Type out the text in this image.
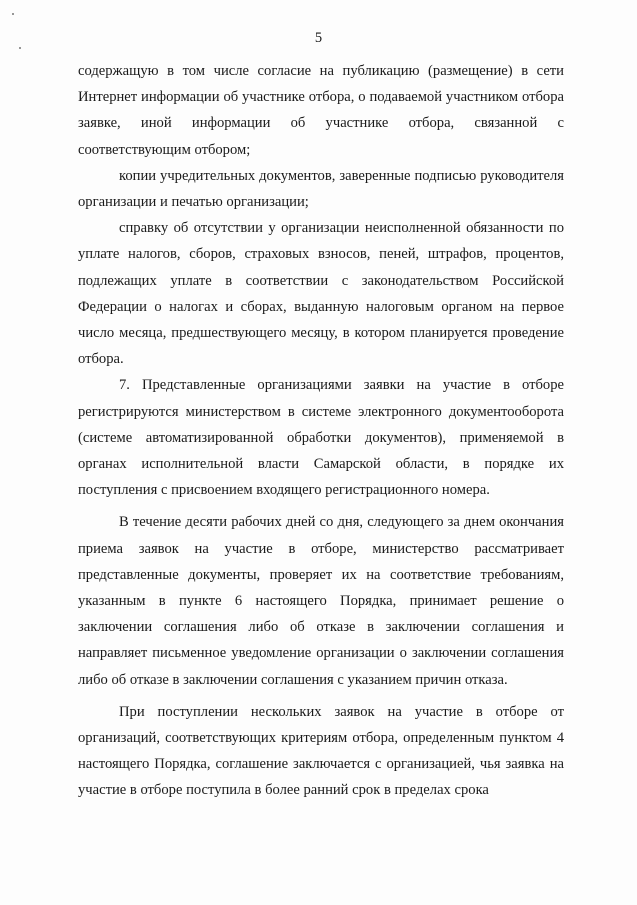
5

содержащую в том числе согласие на публикацию (размещение) в сети Интернет информации об участнике отбора, о подаваемой участником отбора заявке, иной информации об участнике отбора, связанной с соответствующим отбором;

копии учредительных документов, заверенные подписью руководителя организации и печатью организации;

справку об отсутствии у организации неисполненной обязанности по уплате налогов, сборов, страховых взносов, пеней, штрафов, процентов, подлежащих уплате в соответствии с законодательством Российской Федерации о налогах и сборах, выданную налоговым органом на первое число месяца, предшествующего месяцу, в котором планируется проведение отбора.

7. Представленные организациями заявки на участие в отборе регистрируются министерством в системе электронного документооборота (системе автоматизированной обработки документов), применяемой в органах исполнительной власти Самарской области, в порядке их поступления с присвоением входящего регистрационного номера.

В течение десяти рабочих дней со дня, следующего за днем окончания приема заявок на участие в отборе, министерство рассматривает представленные документы, проверяет их на соответствие требованиям, указанным в пункте 6 настоящего Порядка, принимает решение о заключении соглашения либо об отказе в заключении соглашения и направляет письменное уведомление организации о заключении соглашения либо об отказе в заключении соглашения с указанием причин отказа.

При поступлении нескольких заявок на участие в отборе от организаций, соответствующих критериям отбора, определенным пунктом 4 настоящего Порядка, соглашение заключается с организацией, чья заявка на участие в отборе поступила в более ранний срок в пределах срока
